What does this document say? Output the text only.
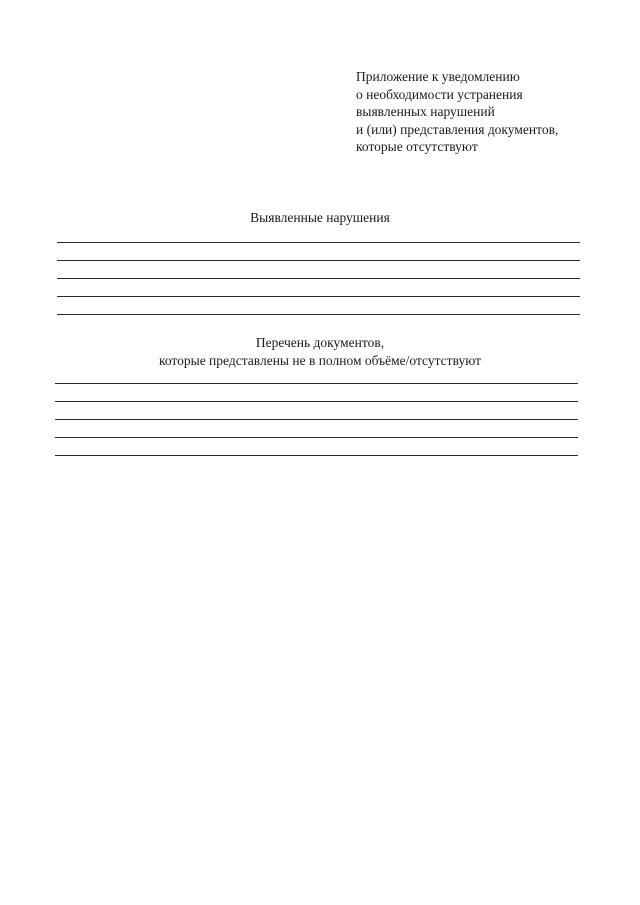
Приложение к уведомлению
о необходимости устранения
выявленных нарушений
и (или) представления документов,
которые отсутствуют
Выявленные нарушения
Перечень документов,
которые представлены не в полном объёме/отсутствуют
